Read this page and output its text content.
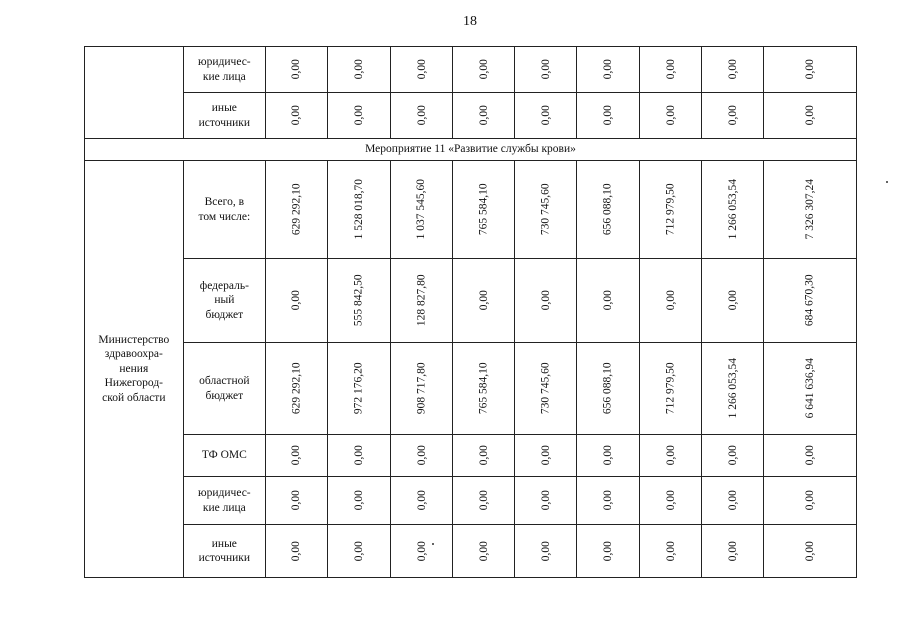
18
	юридичес-
кие лица	0,00	0,00	0,00	0,00	0,00	0,00	0,00	0,00	0,00
	иные
источники	0,00	0,00	0,00	0,00	0,00	0,00	0,00	0,00	0,00
Мероприятие 11 «Развитие службы крови»										
Министерство
здравоохра-
нения
Нижегород-
ской области	Всего, в
том числе:	629 292,10	1 528 018,70	1 037 545,60	765 584,10	730 745,60	656 088,10	712 979,50	1 266 053,54	7 326 307,24
	федераль-
ный
бюджет	0,00	555 842,50	128 827,80	0,00	0,00	0,00	0,00	0,00	684 670,30
	областной
бюджет	629 292,10	972 176,20	908 717,80	765 584,10	730 745,60	656 088,10	712 979,50	1 266 053,54	6 641 636,94
	ТФ ОМС	0,00	0,00	0,00	0,00	0,00	0,00	0,00	0,00	0,00
	юридичес-
кие лица	0,00	0,00	0,00	0,00	0,00	0,00	0,00	0,00	0,00
	иные
источники	0,00	0,00	0,00	0,00	0,00	0,00	0,00	0,00	0,00
